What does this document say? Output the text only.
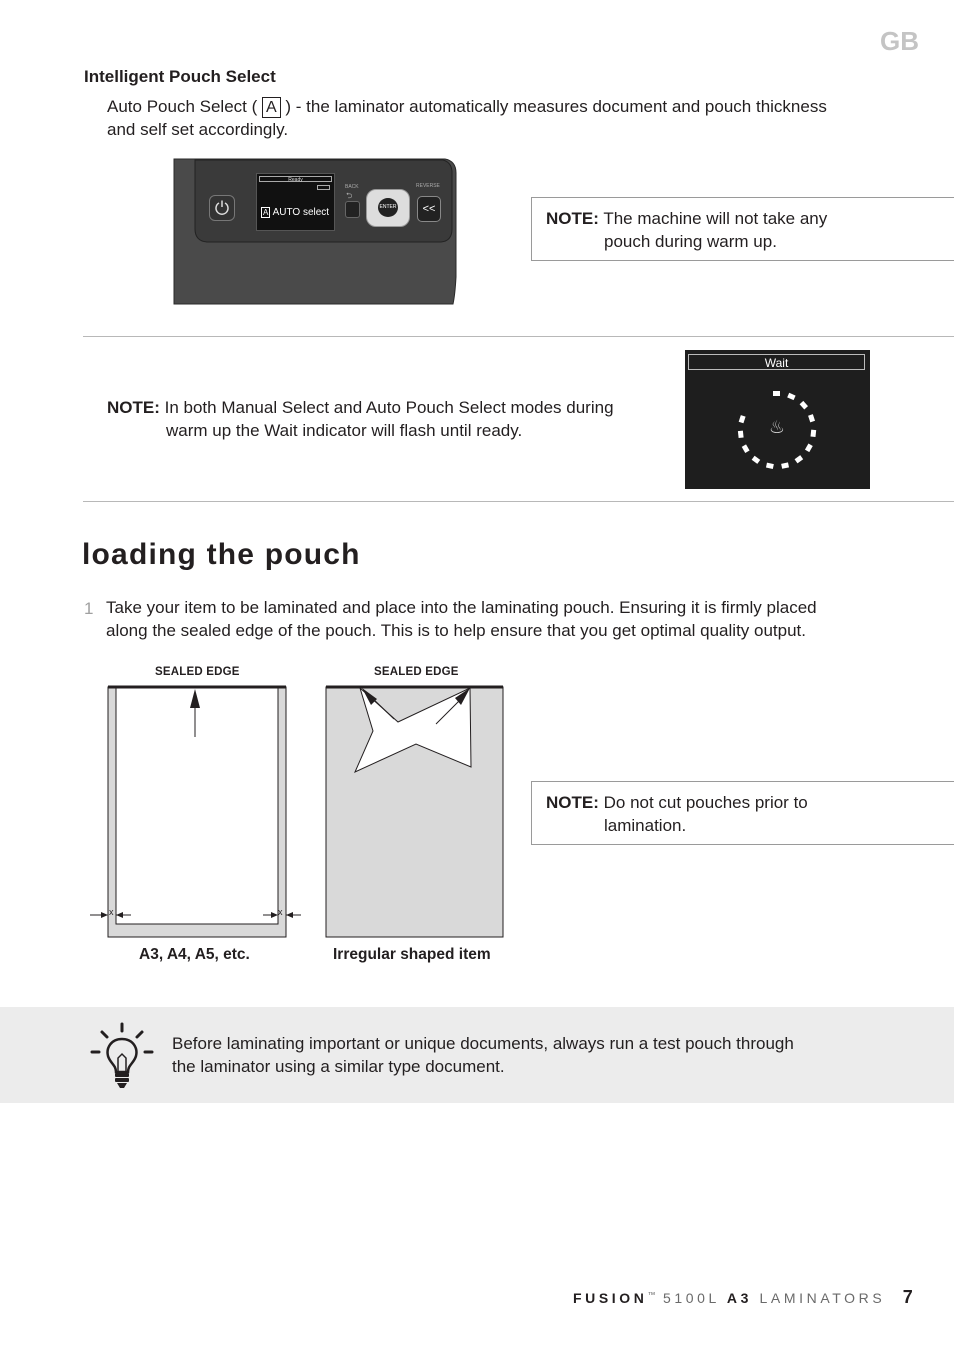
GB
Intelligent Pouch Select
Auto Pouch Select ( A ) - the laminator automatically measures document and pouch thickness
and self set accordingly.
Ready
A AUTO select
BACK
⮌
ENTER
REVERSE
<<	NOTE: The machine will not take any
pouch during warm up.
NOTE: In both Manual Select and Auto Pouch Select modes during
warm up the Wait indicator will flash until ready.
Wait
♨
loading the pouch
1 Take your item to be laminated and place into the laminating pouch. Ensuring it is firmly placed
along the sealed edge of the pouch. This is to help ensure that you get optimal quality output.
SEALED EDGE
x	x
A3, A4, A5, etc.
SEALED EDGE
Irregular shaped item
NOTE: Do not cut pouches prior to
lamination.
Before laminating important or unique documents, always run a test pouch through
the laminator using a similar type document.
FUSION™ 5100L A3 LAMINATORS 7
